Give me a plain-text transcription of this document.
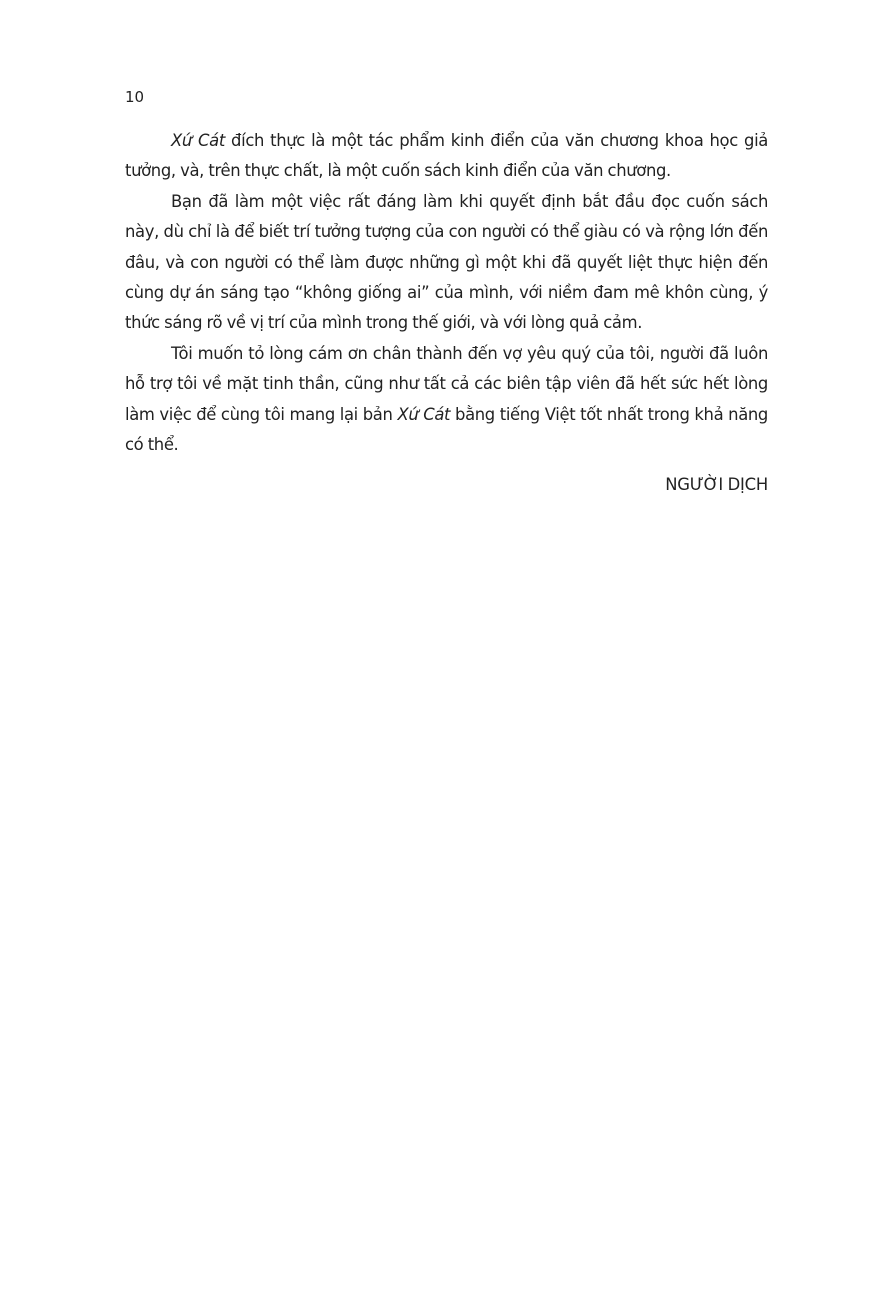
10

Xứ Cát đích thực là một tác phẩm kinh điển của văn chương khoa học giả tưởng, và, trên thực chất, là một cuốn sách kinh điển của văn chương.

Bạn đã làm một việc rất đáng làm khi quyết định bắt đầu đọc cuốn sách này, dù chỉ là để biết trí tưởng tượng của con người có thể giàu có và rộng lớn đến đâu, và con người có thể làm được những gì một khi đã quyết liệt thực hiện đến cùng dự án sáng tạo “không giống ai” của mình, với niềm đam mê khôn cùng, ý thức sáng rõ về vị trí của mình trong thế giới, và với lòng quả cảm.

Tôi muốn tỏ lòng cám ơn chân thành đến vợ yêu quý của tôi, người đã luôn hỗ trợ tôi về mặt tinh thần, cũng như tất cả các biên tập viên đã hết sức hết lòng làm việc để cùng tôi mang lại bản Xứ Cát bằng tiếng Việt tốt nhất trong khả năng có thể.

NGƯỜI DỊCH
